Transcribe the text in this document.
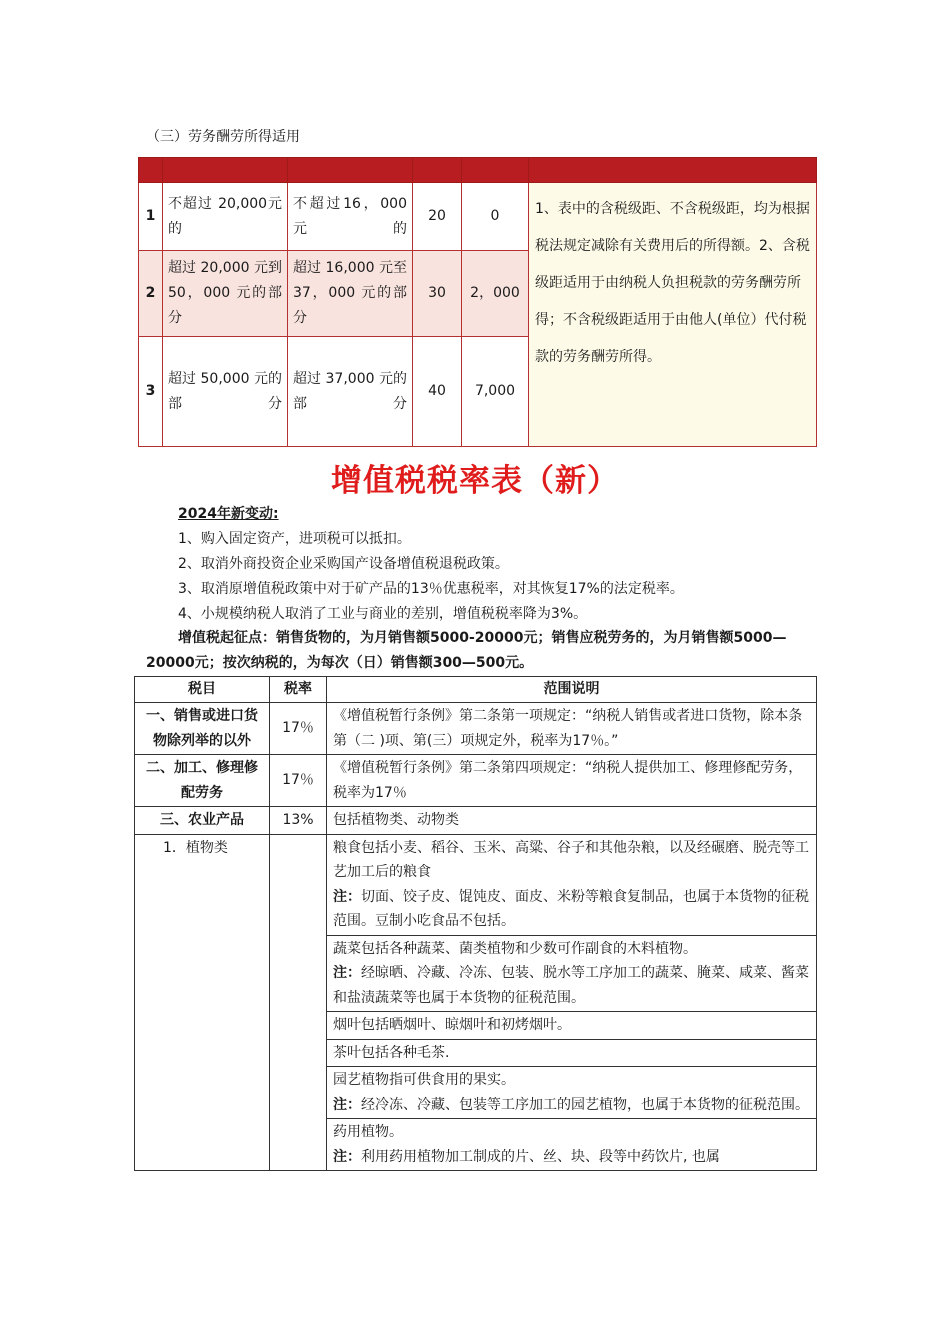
（三）劳务酬劳所得适用

1	不超过 20,000元的	不超过16，000元的	20	0	1、表中的含税级距、不含税级距，均为根据税法规定减除有关费用后的所得额。2、含税级距适用于由纳税人负担税款的劳务酬劳所得；不含税级距适用于由他人(单位）代付税款的劳务酬劳所得。
2	超过 20,000 元到 50，000 元的部分	超过 16,000 元至 37，000 元的部分	30	2，000	
3	超过 50,000 元的部分	超过 37,000 元的部分	40	7,000	
增值税税率表（新）
2024年新变动:
1、购入固定资产，进项税可以抵扣。
2、取消外商投资企业采购国产设备增值税退税政策。
3、取消原增值税政策中对于矿产品的13％优惠税率，对其恢复17%的法定税率。
4、小规模纳税人取消了工业与商业的差别，增值税税率降为3%。
增值税起征点：销售货物的，为月销售额5000-20000元；销售应税劳务的，为月销售额5000—20000元；按次纳税的，为每次（日）销售额300—500元。
税目	税率	范围说明
一、销售或进口货物除列举的以外	17％	《增值税暂行条例》第二条第一项规定：“纳税人销售或者进口货物，除本条第（二 )项、第(三）项规定外，税率为17％。”
二、加工、修理修配劳务	17％	《增值税暂行条例》第二条第四项规定：“纳税人提供加工、修理修配劳务，税率为17％
三、农业产品	13%	包括植物类、动物类
1．植物类		粮食包括小麦、稻谷、玉米、高粱、谷子和其他杂粮，以及经碾磨、脱壳等工艺加工后的粮食
注：切面、饺子皮、馄饨皮、面皮、米粉等粮食复制品，也属于本货物的征税范围。豆制小吃食品不包括。

		蔬菜包括各种蔬菜、菌类植物和少数可作副食的木料植物。
注：经晾晒、冷藏、冷冻、包装、脱水等工序加工的蔬菜、腌菜、咸菜、酱菜和盐渍蔬菜等也属于本货物的征税范围。

		烟叶包括晒烟叶、晾烟叶和初烤烟叶。
		茶叶包括各种毛茶.

		园艺植物指可供食用的果实。
注：经冷冻、冷藏、包装等工序加工的园艺植物，也属于本货物的征税范围。

		药用植物。
注：利用药用植物加工制成的片、丝、块、段等中药饮片, 也属
